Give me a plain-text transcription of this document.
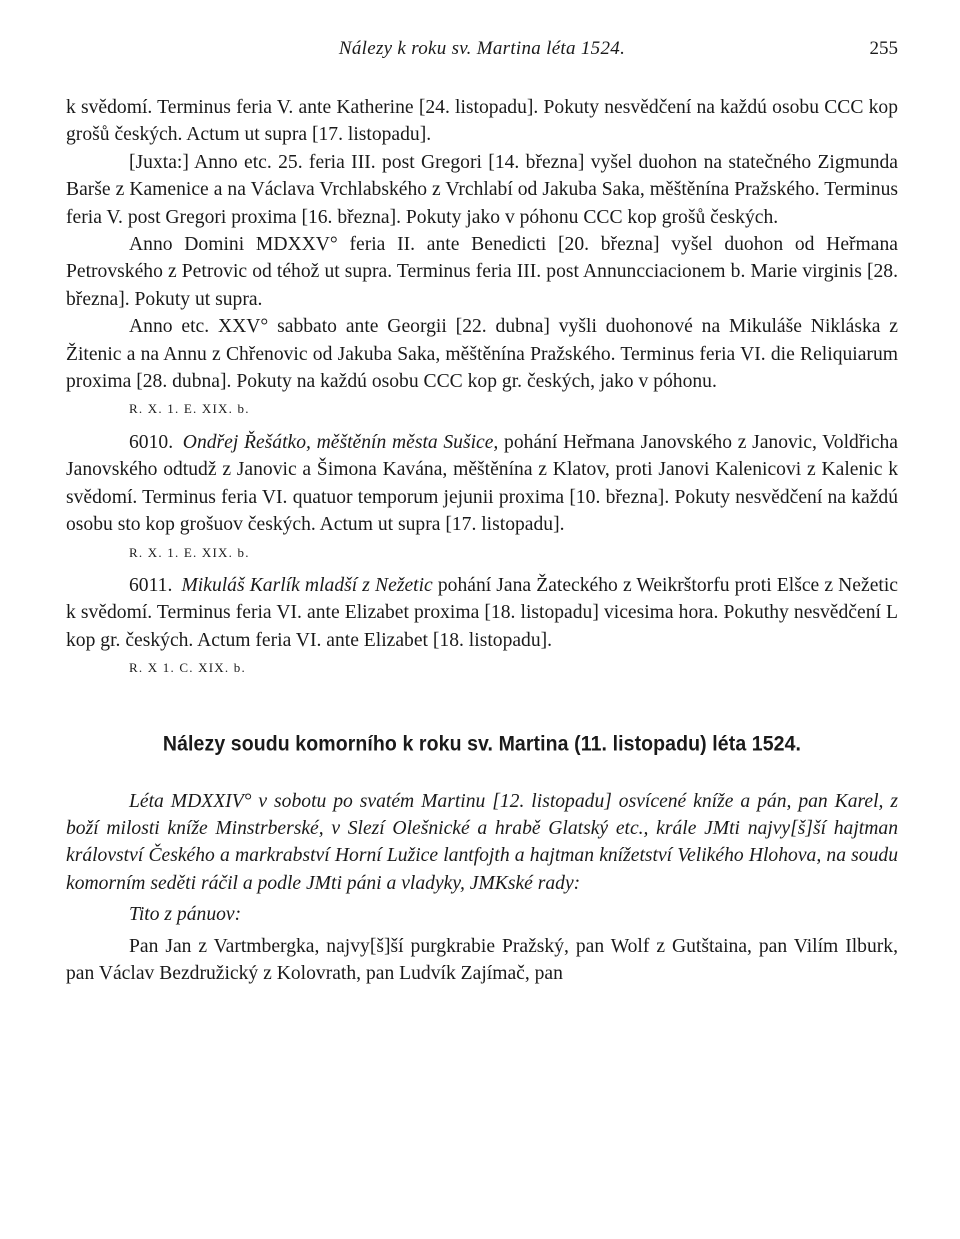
Nálezy k roku sv. Martina léta 1524.	255

k svědomí. Terminus feria V. ante Katherine [24. listopadu]. Pokuty nesvědčení na každú osobu CCC kop grošů českých. Actum ut supra [17. listopadu].

[Juxta:] Anno etc. 25. feria III. post Gregori [14. března] vyšel duohon na statečného Zigmunda Barše z Kamenice a na Václava Vrchlabského z Vrchlabí od Jakuba Saka, měštěnína Pražského. Terminus feria V. post Gregori proxima [16. března]. Pokuty jako v póhonu CCC kop grošů českých.

Anno Domini MDXXV° feria II. ante Benedicti [20. března] vyšel duohon od Heřmana Petrovského z Petrovic od téhož ut supra. Terminus feria III. post Annuncciacionem b. Marie virginis [28. března]. Pokuty ut supra.

Anno etc. XXV° sabbato ante Georgii [22. dubna] vyšli duohonové na Mikuláše Nikláska z Žitenic a na Annu z Chřenovic od Jakuba Saka, měštěnína Pražského. Terminus feria VI. die Reliquiarum proxima [28. dubna]. Pokuty na každú osobu CCC kop gr. českých, jako v póhonu.

R. X. 1. E. XIX. b.

6010. Ondřej Řešátko, měštěnín města Sušice, pohání Heřmana Janovského z Janovic, Voldřicha Janovského odtudž z Janovic a Šimona Kavána, měštěnína z Klatov, proti Janovi Kalenicovi z Kalenic k svědomí. Terminus feria VI. quatuor temporum jejunii proxima [10. března]. Pokuty nesvědčení na každú osobu sto kop grošuov českých. Actum ut supra [17. listopadu].

R. X. 1. E. XIX. b.

6011. Mikuláš Karlík mladší z Nežetic pohání Jana Žateckého z Weikrštorfu proti Elšce z Nežetic k svědomí. Terminus feria VI. ante Elizabet proxima [18. listopadu] vicesima hora. Pokuthy nesvědčení L kop gr. českých. Actum feria VI. ante Elizabet [18. listopadu].

R. X 1. C. XIX. b.

Nálezy soudu komorního k roku sv. Martina (11. listopadu) léta 1524.

Léta MDXXIV° v sobotu po svatém Martinu [12. listopadu] osvícené kníže a pán, pan Karel, z boží milosti kníže Minstrberské, v Slezí Olešnické a hrabě Glatský etc., krále JMti najvy[š]ší hajtman království Českého a markrabství Horní Lužice lantfojth a hajtman knížetství Velikého Hlohova, na soudu komorním seděti ráčil a podle JMti páni a vladyky, JMKské rady:

Tito z pánuov:

Pan Jan z Vartmbergka, najvy[š]ší purgkrabie Pražský, pan Wolf z Gutštaina, pan Vilím Ilburk, pan Václav Bezdružický z Kolovrath, pan Ludvík Zajímač, pan
